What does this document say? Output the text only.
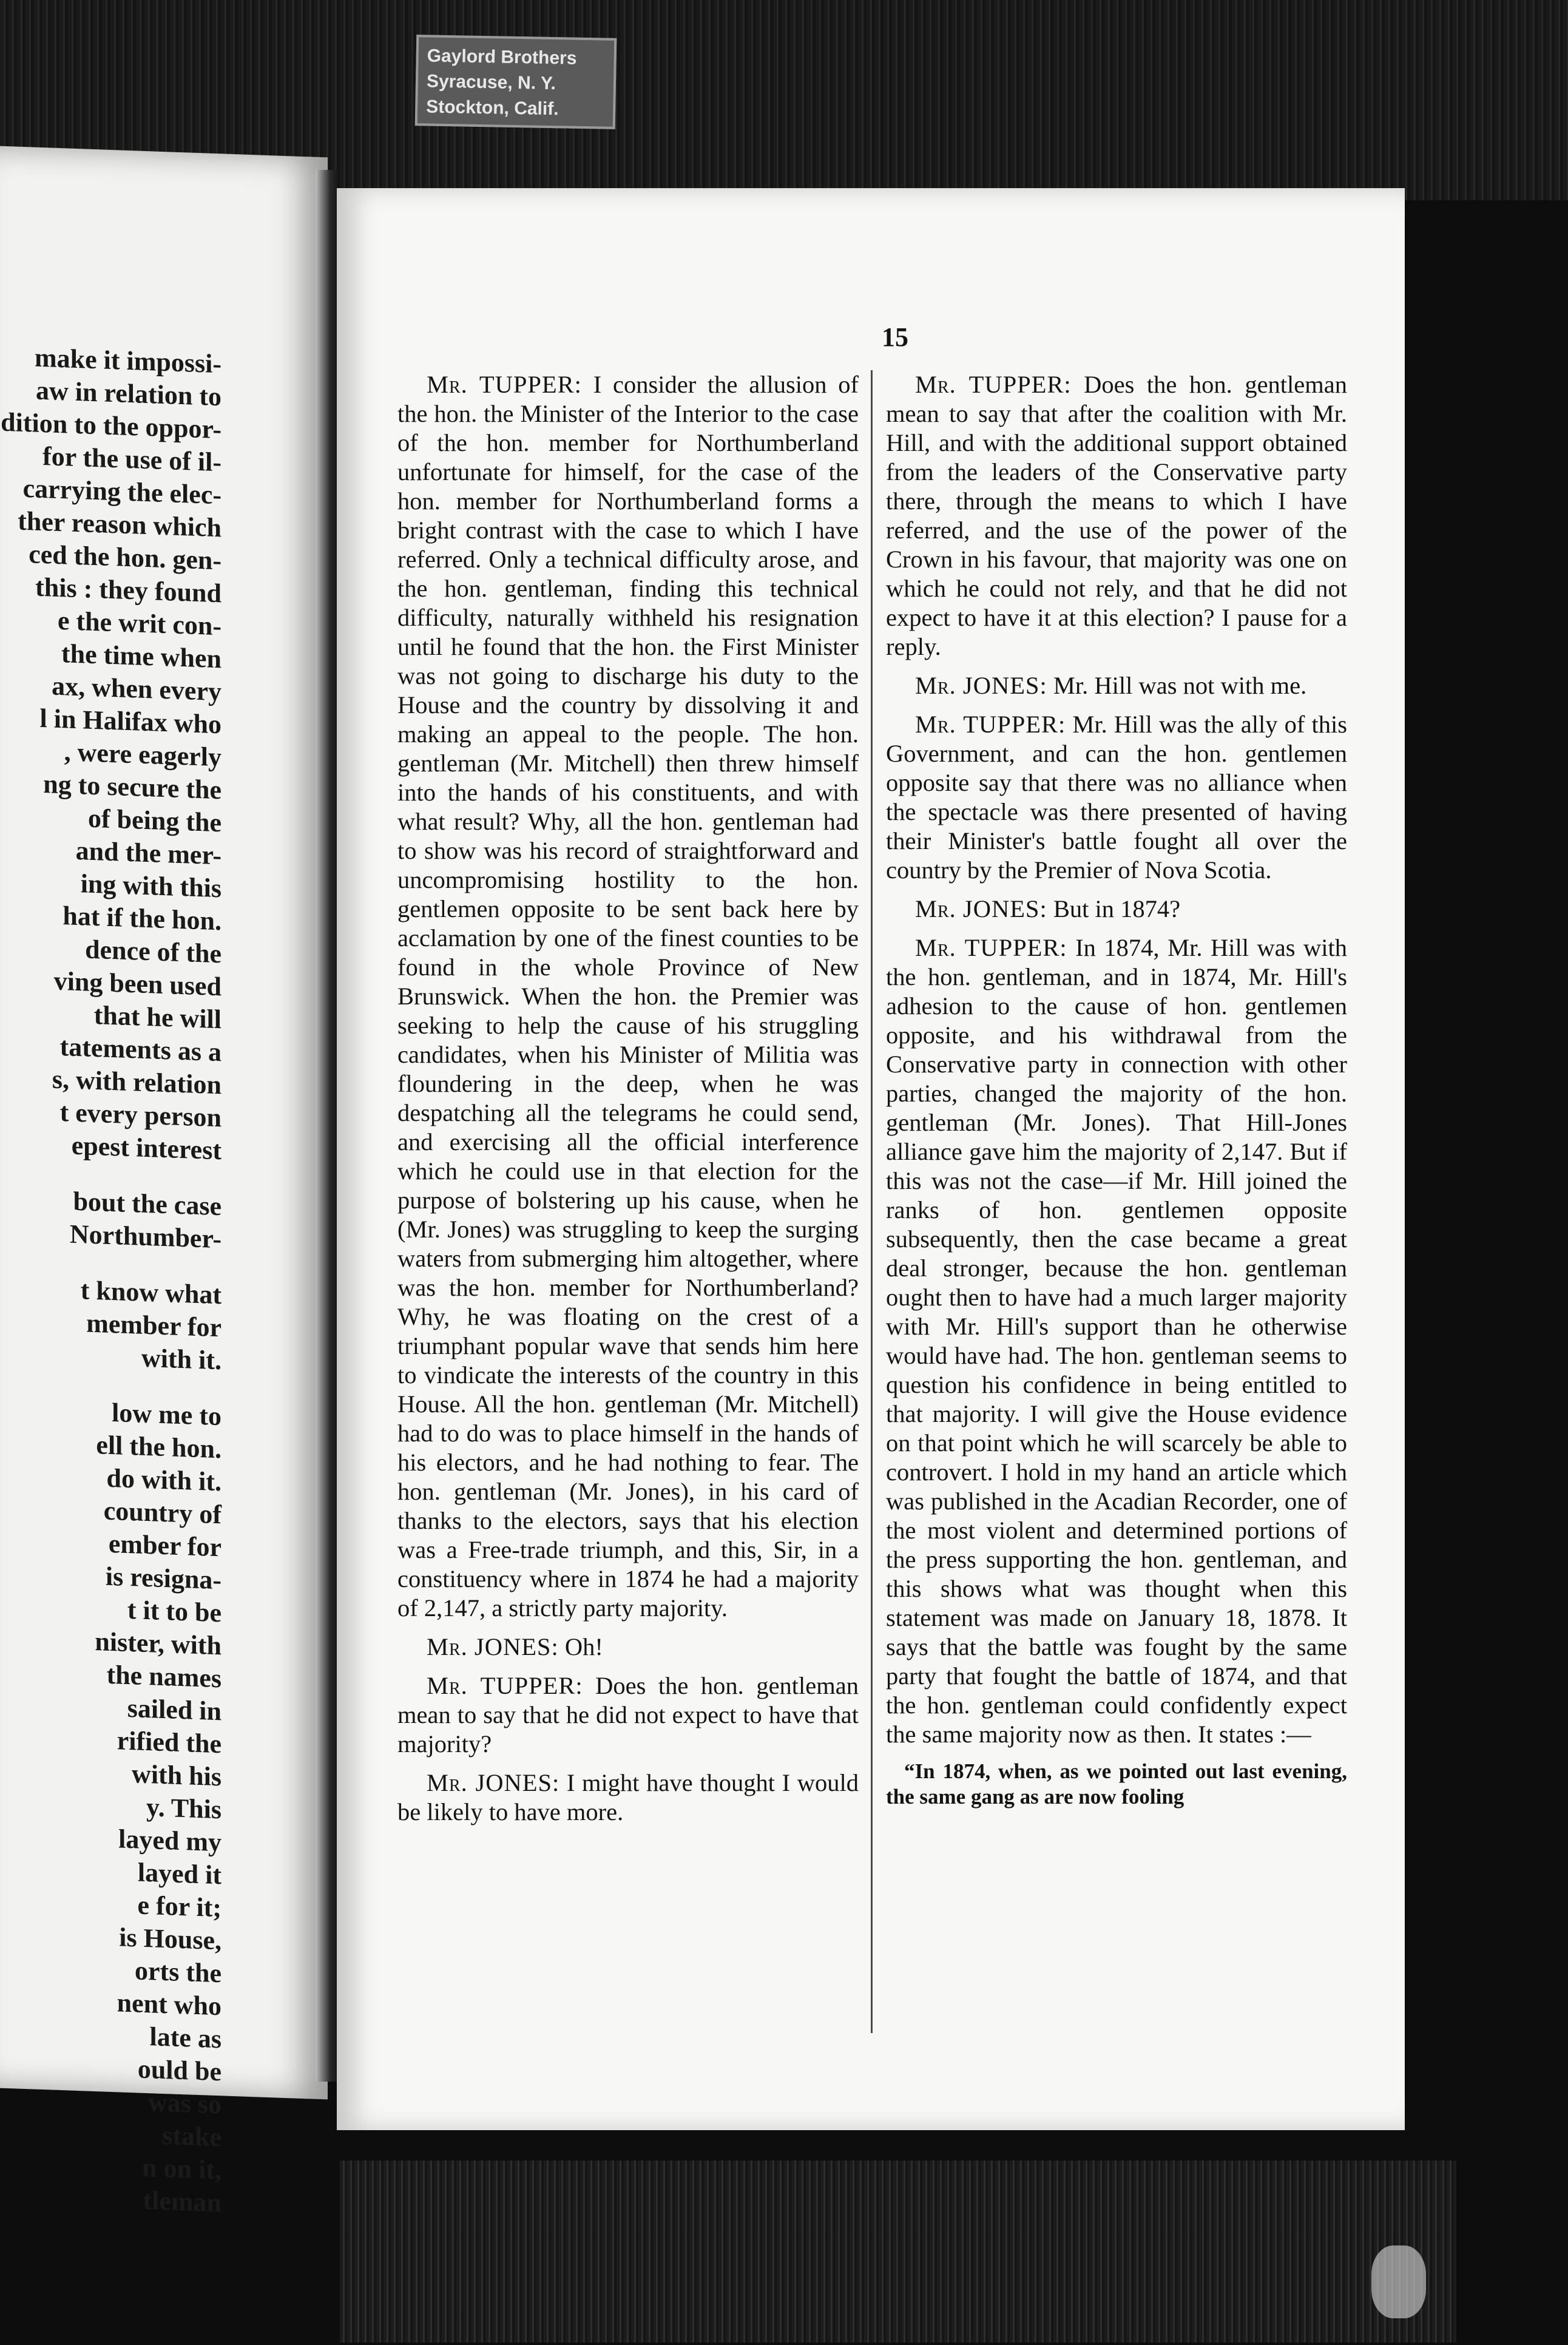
Gaylord Brothers
Syracuse, N. Y.
Stockton, Calif.
make it impossi-
aw in relation to
dition to the oppor-
for the use of il-
carrying the elec-
ther reason which
ced the hon. gen-
this : they found
e the writ con-
the time when
ax, when every
l in Halifax who
, were eagerly
ng to secure the
of being the
and the mer-
ing with this
hat if the hon.
dence of the
ving been used
that he will
tatements as a
s, with relation
t every person
epest interest
bout the case
Northumber-
t know what
member for
with it.
low me to
ell the hon.
do with it.
country of
ember for
is resigna-
t it to be
nister, with
the names
sailed in
rified the
with his
y. This
layed my
layed it
e for it;
is House,
orts the
nent who
late as
ould be
was so
stake
n on it,
tleman
15

Mr. TUPPER: I consider the allusion of the hon. the Minister of the Interior to the case of the hon. member for Northumberland unfortunate for himself, for the case of the hon. member for Northumberland forms a bright contrast with the case to which I have referred. Only a technical difficulty arose, and the hon. gentleman, finding this technical difficulty, naturally withheld his resignation until he found that the hon. the First Minister was not going to discharge his duty to the House and the country by dissolving it and making an appeal to the people. The hon. gentleman (Mr. Mitchell) then threw himself into the hands of his constituents, and with what result? Why, all the hon. gentleman had to show was his record of straightforward and uncompromising hostility to the hon. gentlemen opposite to be sent back here by acclamation by one of the finest counties to be found in the whole Province of New Brunswick. When the hon. the Premier was seeking to help the cause of his struggling candidates, when his Minister of Militia was floundering in the deep, when he was despatching all the telegrams he could send, and exercising all the official interference which he could use in that election for the purpose of bolstering up his cause, when he (Mr. Jones) was struggling to keep the surging waters from submerging him altogether, where was the hon. member for Northumberland? Why, he was floating on the crest of a triumphant popular wave that sends him here to vindicate the interests of the country in this House. All the hon. gentleman (Mr. Mitchell) had to do was to place himself in the hands of his electors, and he had nothing to fear. The hon. gentleman (Mr. Jones), in his card of thanks to the electors, says that his election was a Free-trade triumph, and this, Sir, in a constituency where in 1874 he had a majority of 2,147, a strictly party majority.

Mr. JONES: Oh!

Mr. TUPPER: Does the hon. gentleman mean to say that he did not expect to have that majority?

Mr. JONES: I might have thought I would be likely to have more.

Mr. TUPPER: Does the hon. gentleman mean to say that after the coalition with Mr. Hill, and with the additional support obtained from the leaders of the Conservative party there, through the means to which I have referred, and the use of the power of the Crown in his favour, that majority was one on which he could not rely, and that he did not expect to have it at this election? I pause for a reply.

Mr. JONES: Mr. Hill was not with me.

Mr. TUPPER: Mr. Hill was the ally of this Government, and can the hon. gentlemen opposite say that there was no alliance when the spectacle was there presented of having their Minister's battle fought all over the country by the Premier of Nova Scotia.

Mr. JONES: But in 1874?

Mr. TUPPER: In 1874, Mr. Hill was with the hon. gentleman, and in 1874, Mr. Hill's adhesion to the cause of hon. gentlemen opposite, and his withdrawal from the Conservative party in connection with other parties, changed the majority of the hon. gentleman (Mr. Jones). That Hill-Jones alliance gave him the majority of 2,147. But if this was not the case—if Mr. Hill joined the ranks of hon. gentlemen opposite subsequently, then the case became a great deal stronger, because the hon. gentleman ought then to have had a much larger majority with Mr. Hill's support than he otherwise would have had. The hon. gentleman seems to question his confidence in being entitled to that majority. I will give the House evidence on that point which he will scarcely be able to controvert. I hold in my hand an article which was published in the Acadian Recorder, one of the most violent and determined portions of the press supporting the hon. gentleman, and this shows what was thought when this statement was made on January 18, 1878. It says that the battle was fought by the same party that fought the battle of 1874, and that the hon. gentleman could confidently expect the same majority now as then. It states :—

“In 1874, when, as we pointed out last evening, the same gang as are now fooling
